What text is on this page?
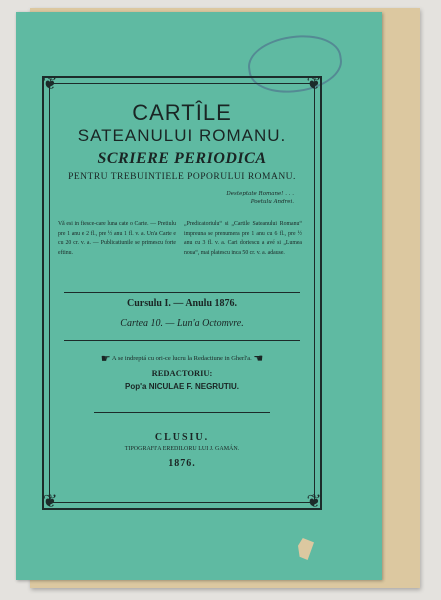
❦	❦
❦	❦
CARTÎLE
SATEANULUI ROMANU.
SCRIERE PERIODICA
PENTRU TREBUINTIELE POPORULUI ROMANU.
Desteptate Romane! . . .
Poetulu Andrei.
Vă esi in fiesce-care luna cate o Carte. — Pretiulu pre 1 anu e 2 fl., pre ½ anu 1 fl. v. a. Un'a Carte e cu 20 cr. v. a. — Publicatiunile se primescu forte eftinu.
„Predicatoriulu“ si „Cartile Sateanului Romanu“ impreuna se prenumera pre 1 anu cu 6 fl., pre ½ anu cu 3 fl. v. a. Cari doriescu a avé si „Lumea noua“, mai platescu inca 50 cr. v. a. adause.
Cursulu I. — Anulu 1876.
Cartea 10. — Lun'a Octomvre.
☛ A se indreptá cu ori-ce lucru la Redactiune in Gherl'a. ☚
REDACTORIU:
Pop'a NICULAE F. NEGRUTIU.
CLUSIU.
TIPOGRAFI'A EREDILORU LUI J. GAMÁN.
1876.
